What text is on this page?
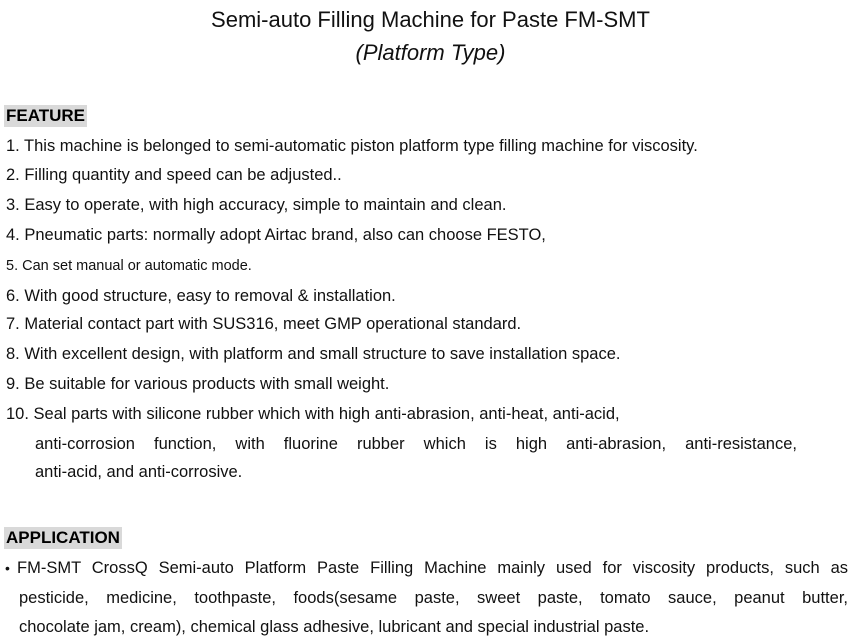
Semi-auto Filling Machine for Paste FM-SMT
(Platform Type)
FEATURE
1. This machine is belonged to semi-automatic piston platform type filling machine for viscosity.
2. Filling quantity and speed can be adjusted..
3. Easy to operate, with high accuracy, simple to maintain and clean.
4. Pneumatic parts: normally adopt Airtac brand, also can choose FESTO,
5. Can set manual or automatic mode.
6. With good structure, easy to removal & installation.
7. Material contact part with SUS316, meet GMP operational standard.
8. With excellent design, with platform and small structure to save installation space.
9. Be suitable for various products with small weight.
10. Seal parts with silicone rubber which with high anti-abrasion, anti-heat, anti-acid,
anti-corrosion function, with fluorine rubber which is high anti-abrasion, anti-resistance,
anti-acid, and anti-corrosive.
APPLICATION
• FM-SMT CrossQ Semi-auto Platform Paste Filling Machine mainly used for viscosity products, such as
pesticide, medicine, toothpaste, foods(sesame paste, sweet paste, tomato sauce, peanut butter,
chocolate jam, cream), chemical glass adhesive, lubricant and special industrial paste.
